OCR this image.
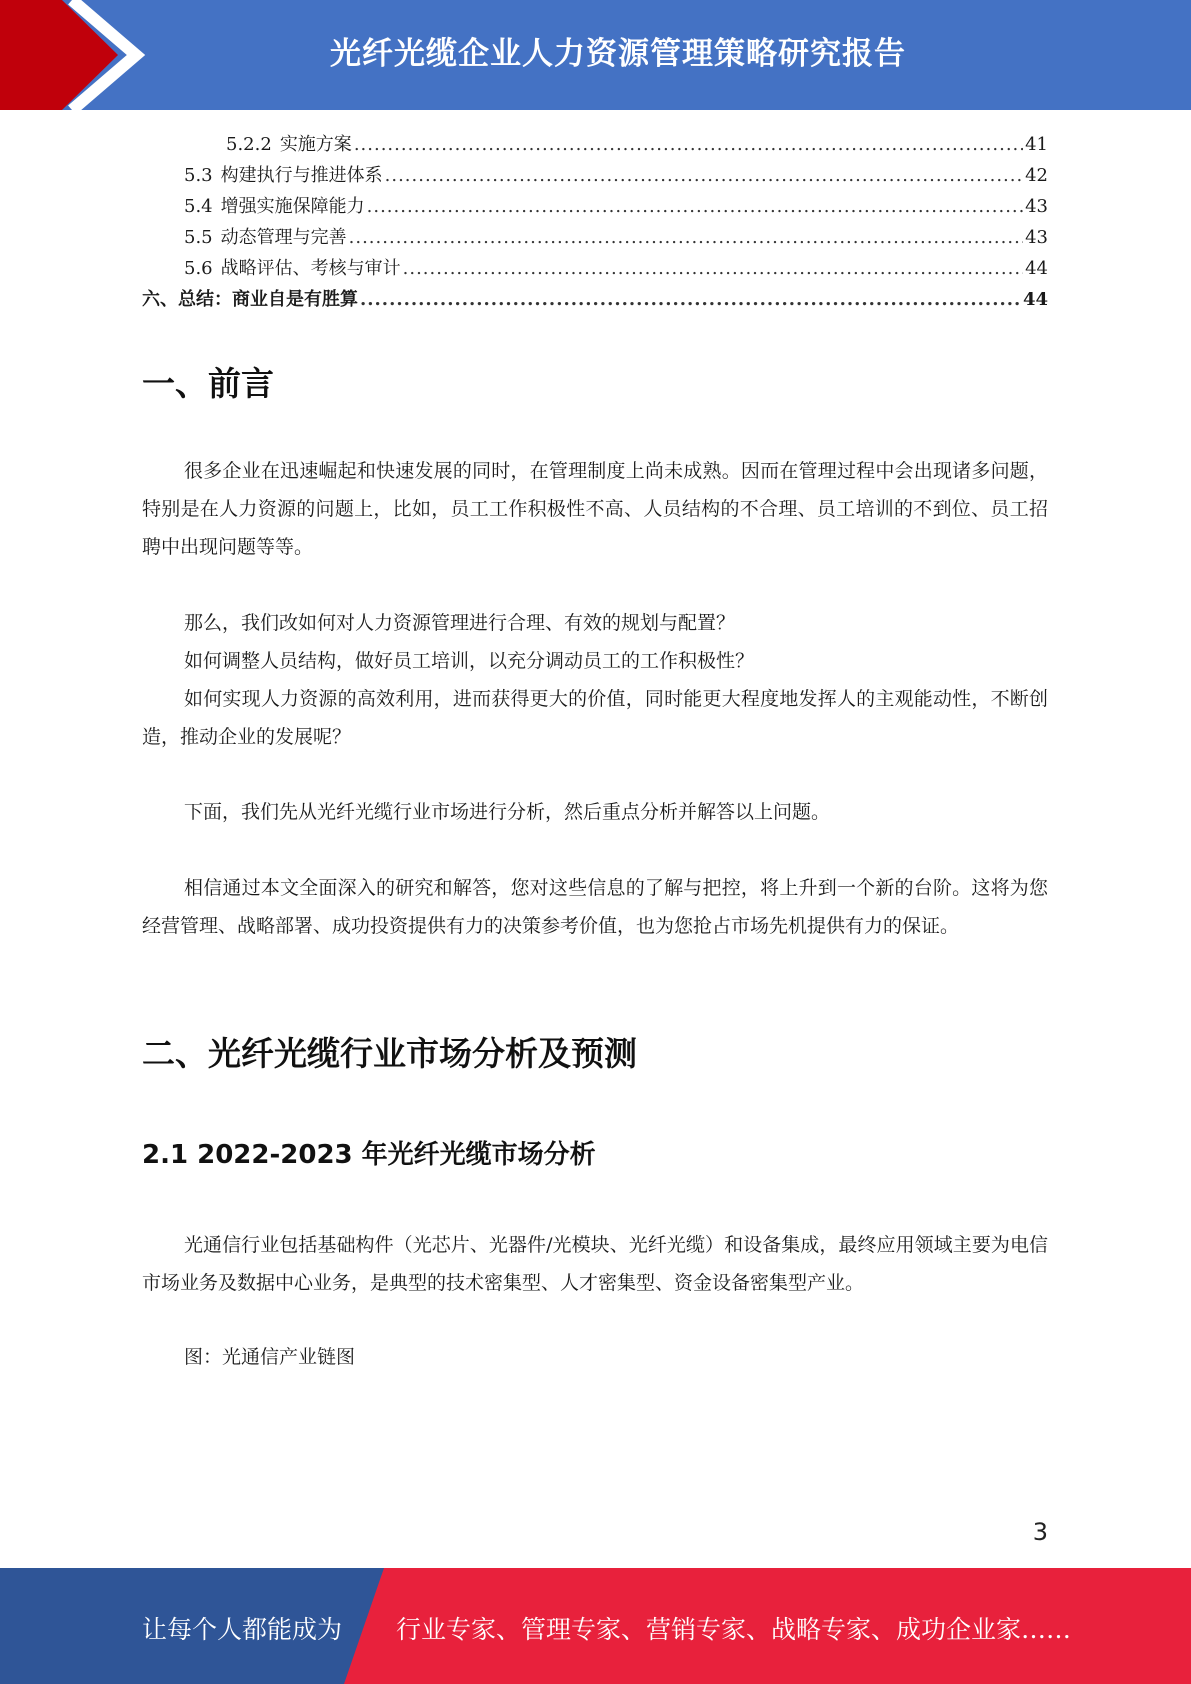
光纤光缆企业人力资源管理策略研究报告
5.2.2 实施方案 .....	41
5.3 构建执行与推进体系 .....	42
5.4 增强实施保障能力 .....	43
5.5 动态管理与完善 .....	43
5.6 战略评估、考核与审计 .....	44
六、总结：商业自是有胜算 .....	44
一、前言
很多企业在迅速崛起和快速发展的同时，在管理制度上尚未成熟。因而在管理过程中会出现诸多问题，特别是在人力资源的问题上，比如，员工工作积极性不高、人员结构的不合理、员工培训的不到位、员工招聘中出现问题等等。
那么，我们改如何对人力资源管理进行合理、有效的规划与配置？
如何调整人员结构，做好员工培训，以充分调动员工的工作积极性？
如何实现人力资源的高效利用，进而获得更大的价值，同时能更大程度地发挥人的主观能动性，不断创造，推动企业的发展呢？
下面，我们先从光纤光缆行业市场进行分析，然后重点分析并解答以上问题。
相信通过本文全面深入的研究和解答，您对这些信息的了解与把控，将上升到一个新的台阶。这将为您经营管理、战略部署、成功投资提供有力的决策参考价值，也为您抢占市场先机提供有力的保证。
二、光纤光缆行业市场分析及预测
2.1 2022-2023 年光纤光缆市场分析
光通信行业包括基础构件（光芯片、光器件/光模块、光纤光缆）和设备集成，最终应用领域主要为电信市场业务及数据中心业务，是典型的技术密集型、人才密集型、资金设备密集型产业。
图：光通信产业链图
3
让每个人都能成为 行业专家、管理专家、营销专家、战略专家、成功企业家……
